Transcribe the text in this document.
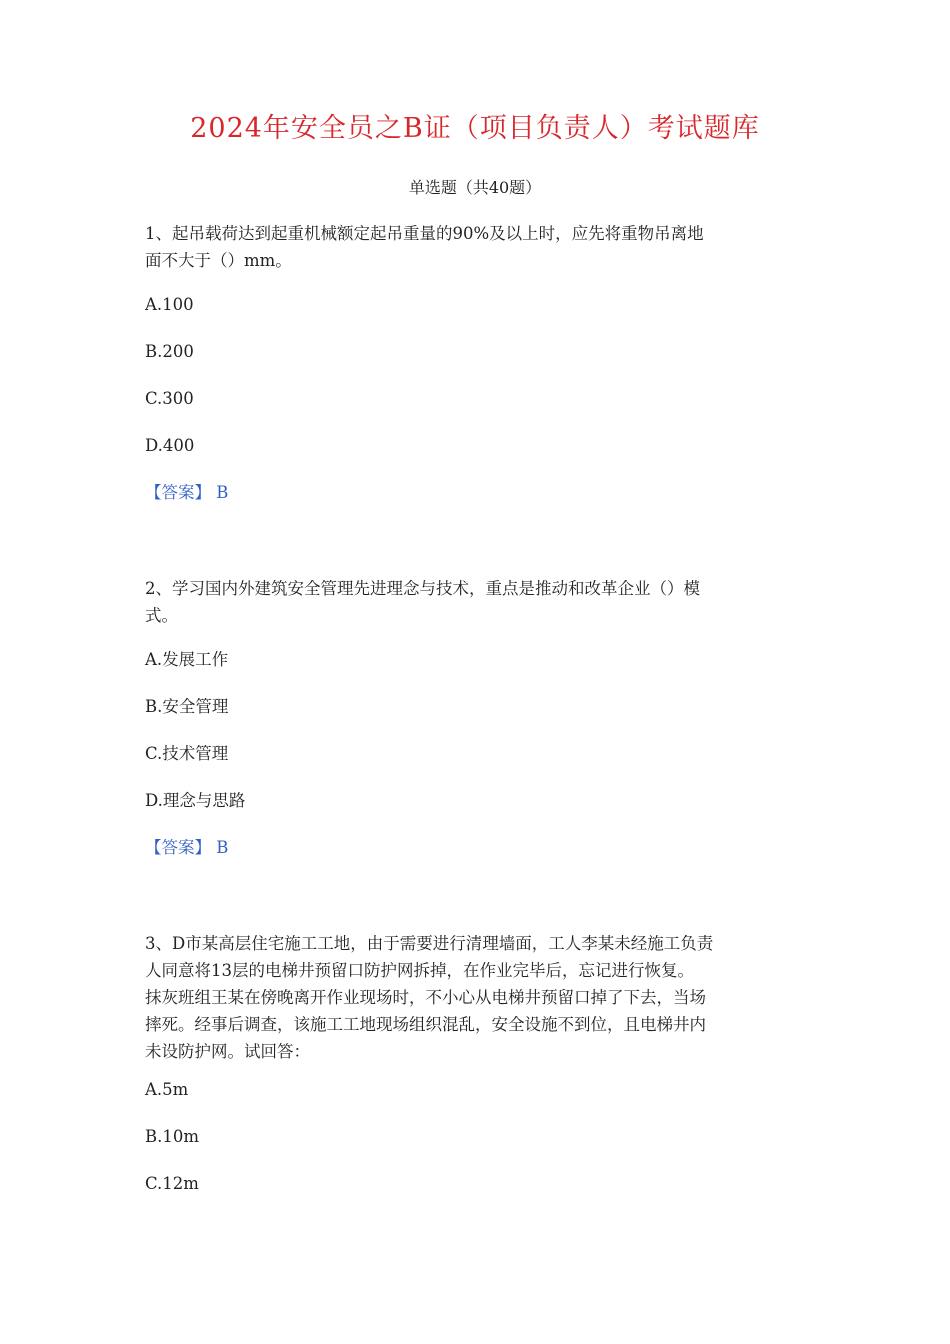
2024年安全员之B证（项目负责人）考试题库
单选题（共40题）
1、起吊载荷达到起重机械额定起吊重量的90%及以上时，应先将重物吊离地
面不大于（）mm。
A.100
B.200
C.300
D.400
【答案】 B
2、学习国内外建筑安全管理先进理念与技术，重点是推动和改革企业（）模
式。
A.发展工作
B.安全管理
C.技术管理
D.理念与思路
【答案】 B
3、D市某高层住宅施工工地，由于需要进行清理墙面，工人李某未经施工负责
人同意将13层的电梯井预留口防护网拆掉，在作业完毕后，忘记进行恢复。
抹灰班组王某在傍晚离开作业现场时，不小心从电梯井预留口掉了下去，当场
摔死。经事后调查，该施工工地现场组织混乱，安全设施不到位，且电梯井内
未设防护网。试回答：
A.5m
B.10m
C.12m
